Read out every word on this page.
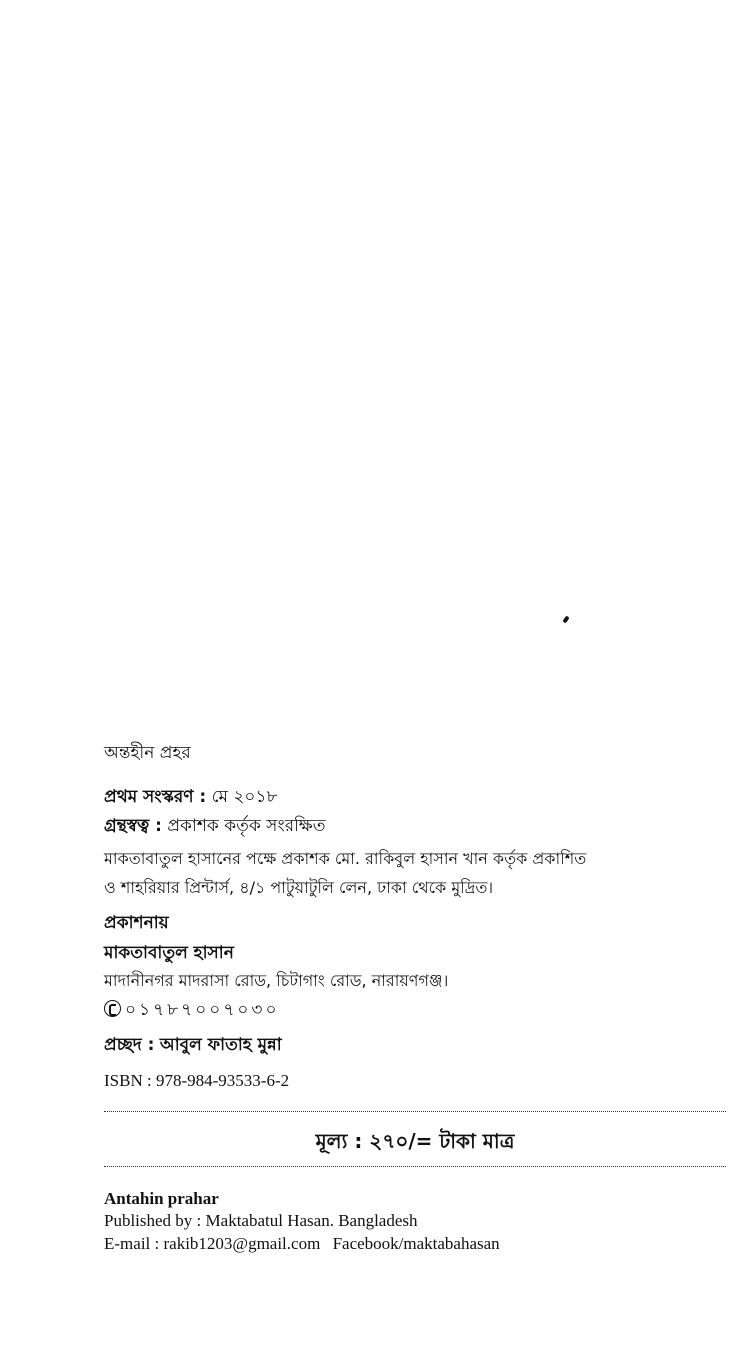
অন্তহীন প্রহর
প্রথম সংস্করণ : মে ২০১৮
গ্রন্থস্বত্ব : প্রকাশক কর্তৃক সংরক্ষিত
মাকতাবাতুল হাসানের পক্ষে প্রকাশক মো. রাকিবুল হাসান খান কর্তৃক প্রকাশিত
ও শাহরিয়ার প্রিন্টার্স, ৪/১ পাটুয়াটুলি লেন, ঢাকা থেকে মুদ্রিত।
প্রকাশনায়
মাকতাবাতুল হাসান
মাদানীনগর মাদরাসা রোড, চিটাগাং রোড, নারায়ণগঞ্জ।
০১৭৮৭০০৭০৩০
প্রচ্ছদ : আবুল ফাতাহ মুন্না
ISBN : 978-984-93533-6-2
মূল্য : ২৭০/= টাকা মাত্র
Antahin prahar
Published by : Maktabatul Hasan. Bangladesh
E-mail : rakib1203@gmail.com Facebook/maktabahasan
